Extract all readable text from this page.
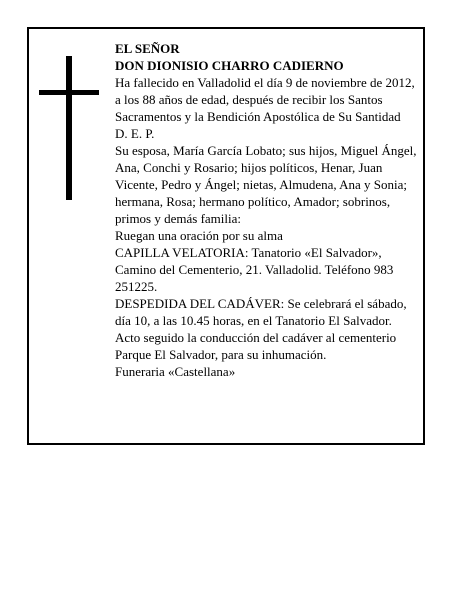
EL SEÑOR

DON DIONISIO CHARRO CADIERNO

Ha fallecido en Valladolid el día 9 de noviembre de 2012, a los 88 años de edad, después de recibir los Santos Sacramentos y la Bendición Apostólica de Su Santidad

D. E. P.

Su esposa, María García Lobato; sus hijos, Miguel Ángel, Ana, Conchi y Rosario; hijos políticos, Henar, Juan Vicente, Pedro y Ángel; nietas, Almudena, Ana y Sonia; hermana, Rosa; hermano político, Amador; sobrinos, primos y demás familia:

Ruegan una oración por su alma

CAPILLA VELATORIA: Tanatorio «El Salvador», Camino del Cementerio, 21. Valladolid. Teléfono 983 251225.

DESPEDIDA DEL CADÁVER: Se celebrará el sábado, día 10, a las 10.45 horas, en el Tanatorio El Salvador. Acto seguido la conducción del cadáver al cementerio Parque El Salvador, para su inhumación.

Funeraria «Castellana»
